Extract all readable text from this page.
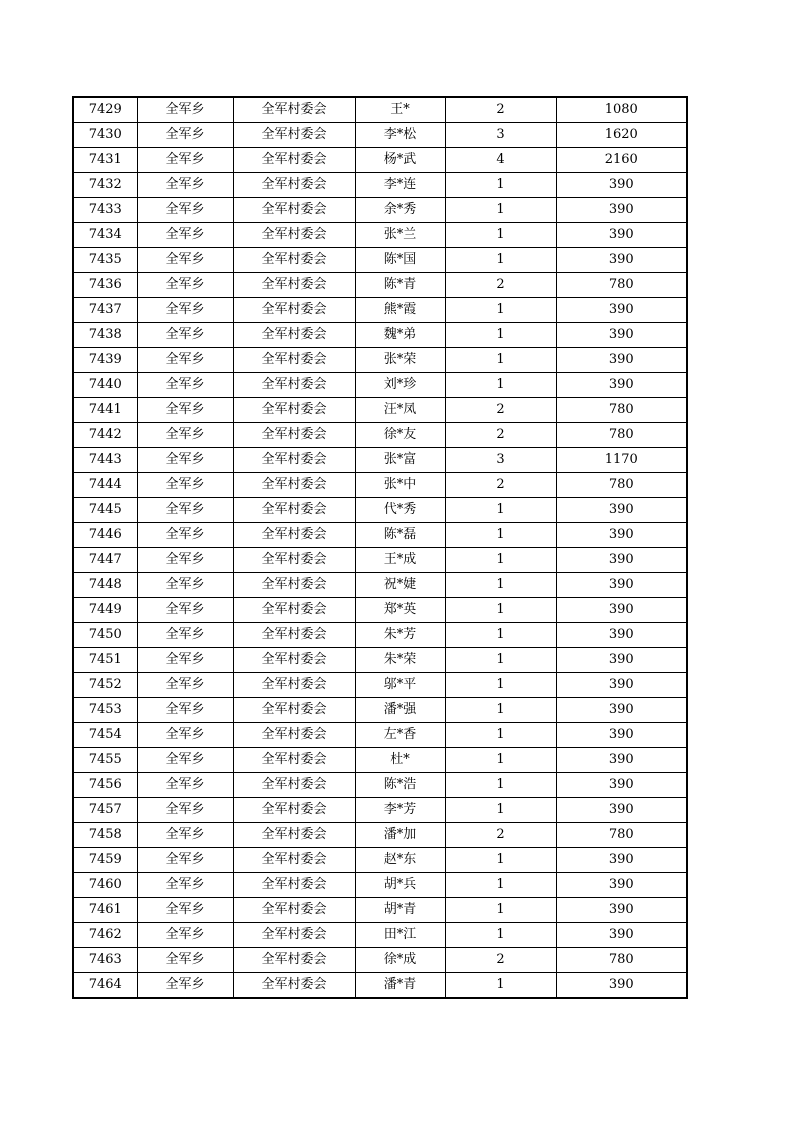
7429	全军乡	全军村委会	王*	2	1080
7430	全军乡	全军村委会	李*松	3	1620
7431	全军乡	全军村委会	杨*武	4	2160
7432	全军乡	全军村委会	李*连	1	390
7433	全军乡	全军村委会	余*秀	1	390
7434	全军乡	全军村委会	张*兰	1	390
7435	全军乡	全军村委会	陈*国	1	390
7436	全军乡	全军村委会	陈*青	2	780
7437	全军乡	全军村委会	熊*霞	1	390
7438	全军乡	全军村委会	魏*弟	1	390
7439	全军乡	全军村委会	张*荣	1	390
7440	全军乡	全军村委会	刘*珍	1	390
7441	全军乡	全军村委会	汪*凤	2	780
7442	全军乡	全军村委会	徐*友	2	780
7443	全军乡	全军村委会	张*富	3	1170
7444	全军乡	全军村委会	张*中	2	780
7445	全军乡	全军村委会	代*秀	1	390
7446	全军乡	全军村委会	陈*磊	1	390
7447	全军乡	全军村委会	王*成	1	390
7448	全军乡	全军村委会	祝*婕	1	390
7449	全军乡	全军村委会	郑*英	1	390
7450	全军乡	全军村委会	朱*芳	1	390
7451	全军乡	全军村委会	朱*荣	1	390
7452	全军乡	全军村委会	邬*平	1	390
7453	全军乡	全军村委会	潘*强	1	390
7454	全军乡	全军村委会	左*香	1	390
7455	全军乡	全军村委会	杜*	1	390
7456	全军乡	全军村委会	陈*浩	1	390
7457	全军乡	全军村委会	李*芳	1	390
7458	全军乡	全军村委会	潘*加	2	780
7459	全军乡	全军村委会	赵*东	1	390
7460	全军乡	全军村委会	胡*兵	1	390
7461	全军乡	全军村委会	胡*青	1	390
7462	全军乡	全军村委会	田*江	1	390
7463	全军乡	全军村委会	徐*成	2	780
7464	全军乡	全军村委会	潘*青	1	390
